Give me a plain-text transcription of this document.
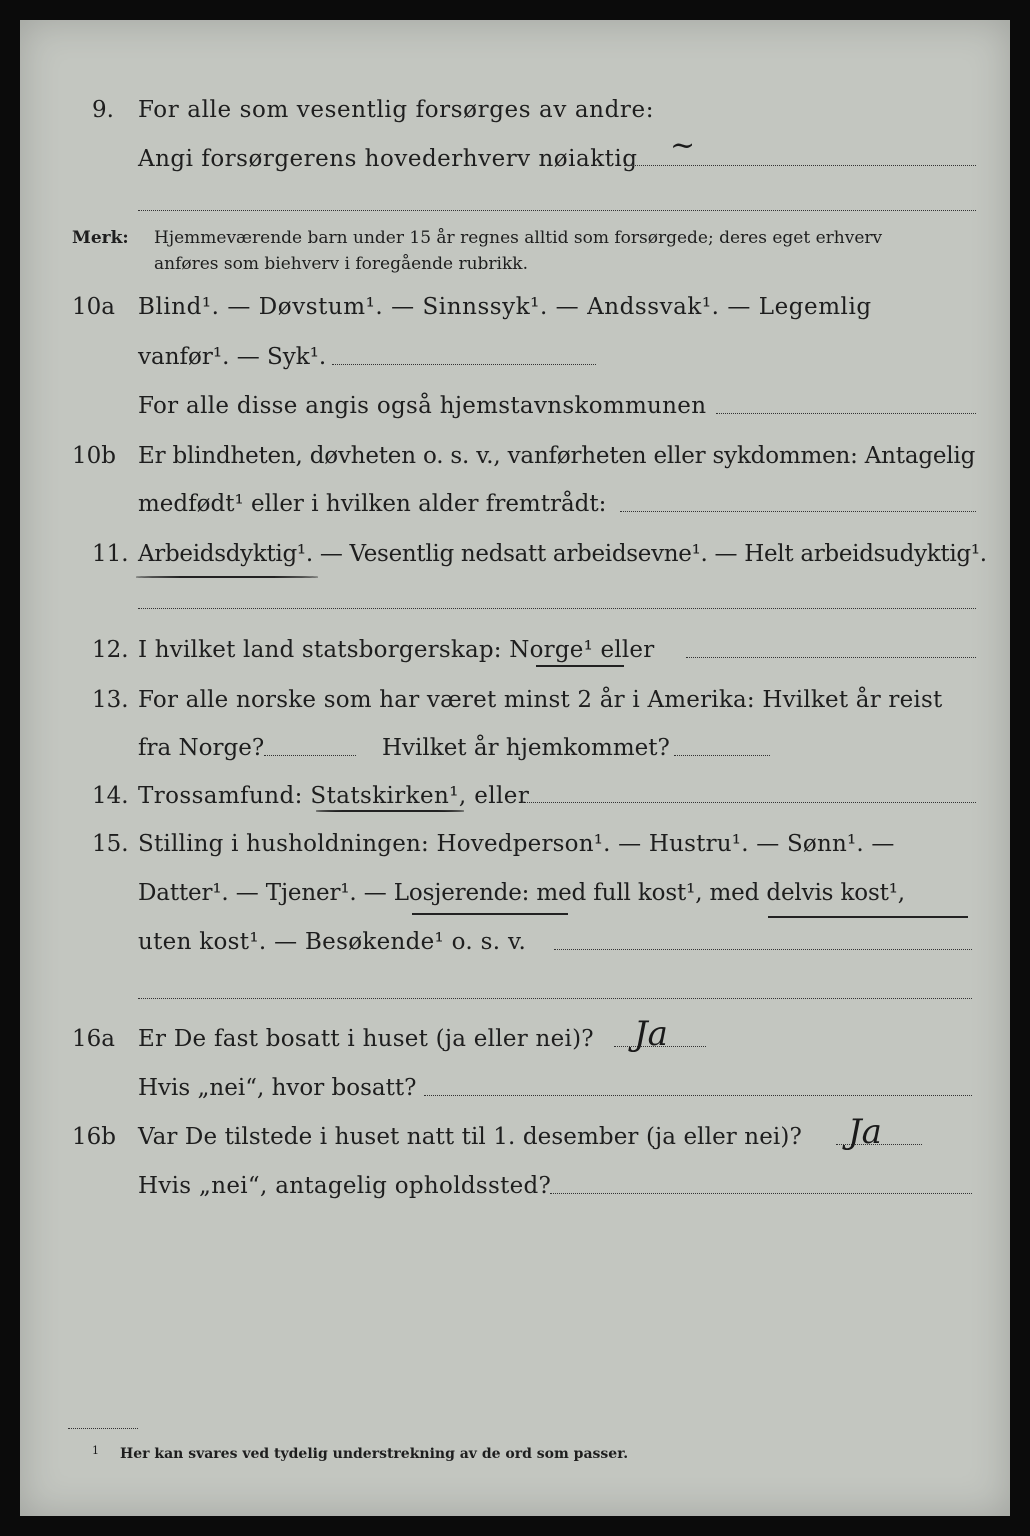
9. For alle som vesentlig forsørges av andre:
Angi forsørgerens hovederhverv nøiaktig ~
Merk: Hjemmeværende barn under 15 år regnes alltid som forsørgede; deres eget erhverv
anføres som biehverv i foregående rubrikk.
10a Blind¹. — Døvstum¹. — Sinnssyk¹. — Andssvak¹. — Legemlig
vanfør¹. — Syk¹.
For alle disse angis også hjemstavnskommunen
10b Er blindheten, døvheten o. s. v., vanførheten eller sykdommen: Antagelig
medfødt¹ eller i hvilken alder fremtrådt:
11. Arbeidsdyktig¹. — Vesentlig nedsatt arbeidsevne¹. — Helt arbeidsudyktig¹.
12. I hvilket land statsborgerskap: Norge¹ eller
13. For alle norske som har været minst 2 år i Amerika: Hvilket år reist
fra Norge?	Hvilket år hjemkommet?
14. Trossamfund: Statskirken¹, eller
15. Stilling i husholdningen: Hovedperson¹. — Hustru¹. — Sønn¹. —
Datter¹. — Tjener¹. — Losjerende: med full kost¹, med delvis kost¹,
uten kost¹. — Besøkende¹ o. s. v.
16a Er De fast bosatt i huset (ja eller nei)? Ja
Hvis „nei“, hvor bosatt?
16b Var De tilstede i huset natt til 1. desember (ja eller nei)? Ja
Hvis „nei“, antagelig opholdssted?
1 Her kan svares ved tydelig understrekning av de ord som passer.
